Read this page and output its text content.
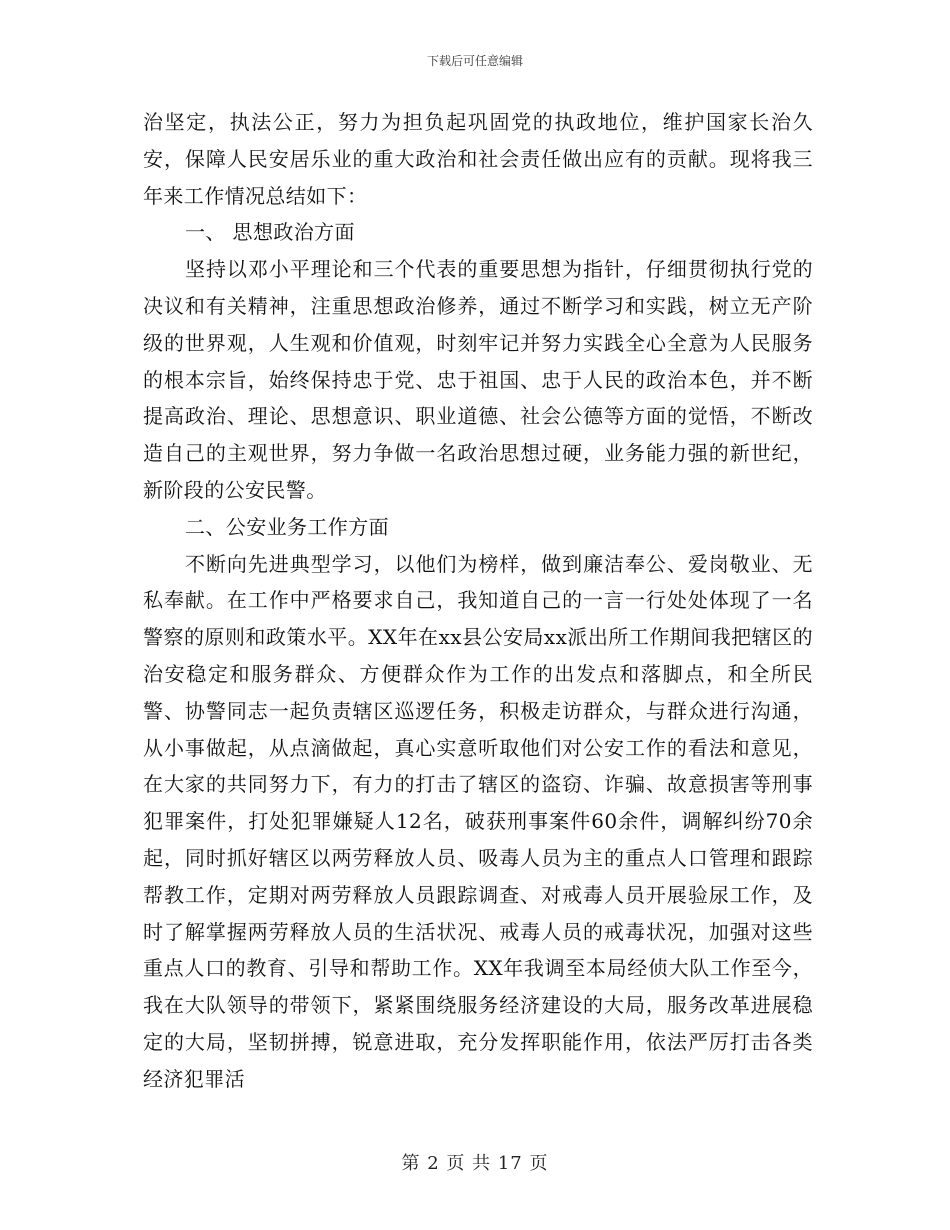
下载后可任意编辑

治坚定，执法公正，努力为担负起巩固党的执政地位，维护国家长治久安，保障人民安居乐业的重大政治和社会责任做出应有的贡献。现将我三年来工作情况总结如下：

一、 思想政治方面

坚持以邓小平理论和三个代表的重要思想为指针，仔细贯彻执行党的决议和有关精神，注重思想政治修养，通过不断学习和实践，树立无产阶级的世界观，人生观和价值观，时刻牢记并努力实践全心全意为人民服务的根本宗旨，始终保持忠于党、忠于祖国、忠于人民的政治本色，并不断提高政治、理论、思想意识、职业道德、社会公德等方面的觉悟，不断改造自己的主观世界，努力争做一名政治思想过硬，业务能力强的新世纪，新阶段的公安民警。

二、公安业务工作方面

不断向先进典型学习，以他们为榜样，做到廉洁奉公、爱岗敬业、无私奉献。在工作中严格要求自己，我知道自己的一言一行处处体现了一名警察的原则和政策水平。XX年在xx县公安局xx派出所工作期间我把辖区的治安稳定和服务群众、方便群众作为工作的出发点和落脚点，和全所民警、协警同志一起负责辖区巡逻任务，积极走访群众，与群众进行沟通，从小事做起，从点滴做起，真心实意听取他们对公安工作的看法和意见，在大家的共同努力下，有力的打击了辖区的盗窃、诈骗、故意损害等刑事犯罪案件，打处犯罪嫌疑人12名，破获刑事案件60余件，调解纠纷70余起，同时抓好辖区以两劳释放人员、吸毒人员为主的重点人口管理和跟踪帮教工作，定期对两劳释放人员跟踪调查、对戒毒人员开展验尿工作，及时了解掌握两劳释放人员的生活状况、戒毒人员的戒毒状况，加强对这些重点人口的教育、引导和帮助工作。XX年我调至本局经侦大队工作至今，我在大队领导的带领下，紧紧围绕服务经济建设的大局，服务改革进展稳定的大局，坚韧拼搏，锐意进取，充分发挥职能作用，依法严厉打击各类经济犯罪活

第 2 页 共 17 页
